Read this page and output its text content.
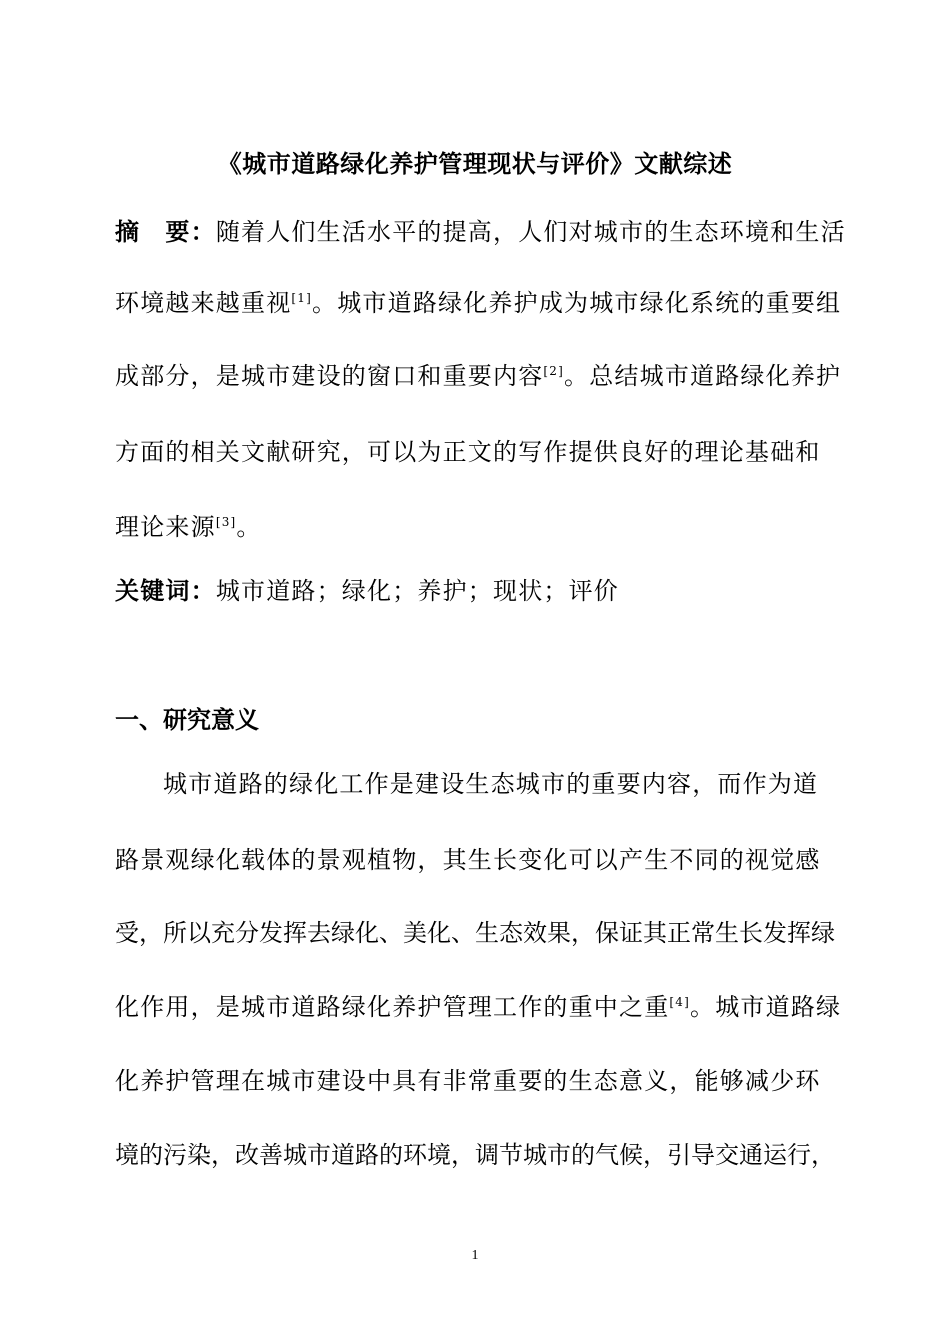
《城市道路绿化养护管理现状与评价》文献综述
摘　要：随着人们生活水平的提高，人们对城市的生态环境和生活
环境越来越重视[1]。城市道路绿化养护成为城市绿化系统的重要组
成部分，是城市建设的窗口和重要内容[2]。总结城市道路绿化养护
方面的相关文献研究，可以为正文的写作提供良好的理论基础和
理论来源[3]。
关键词：城市道路；绿化；养护；现状；评价
一、研究意义
城市道路的绿化工作是建设生态城市的重要内容，而作为道
路景观绿化载体的景观植物，其生长变化可以产生不同的视觉感
受，所以充分发挥去绿化、美化、生态效果，保证其正常生长发挥绿
化作用，是城市道路绿化养护管理工作的重中之重[4]。城市道路绿
化养护管理在城市建设中具有非常重要的生态意义，能够减少环
境的污染，改善城市道路的环境，调节城市的气候，引导交通运行，
1
